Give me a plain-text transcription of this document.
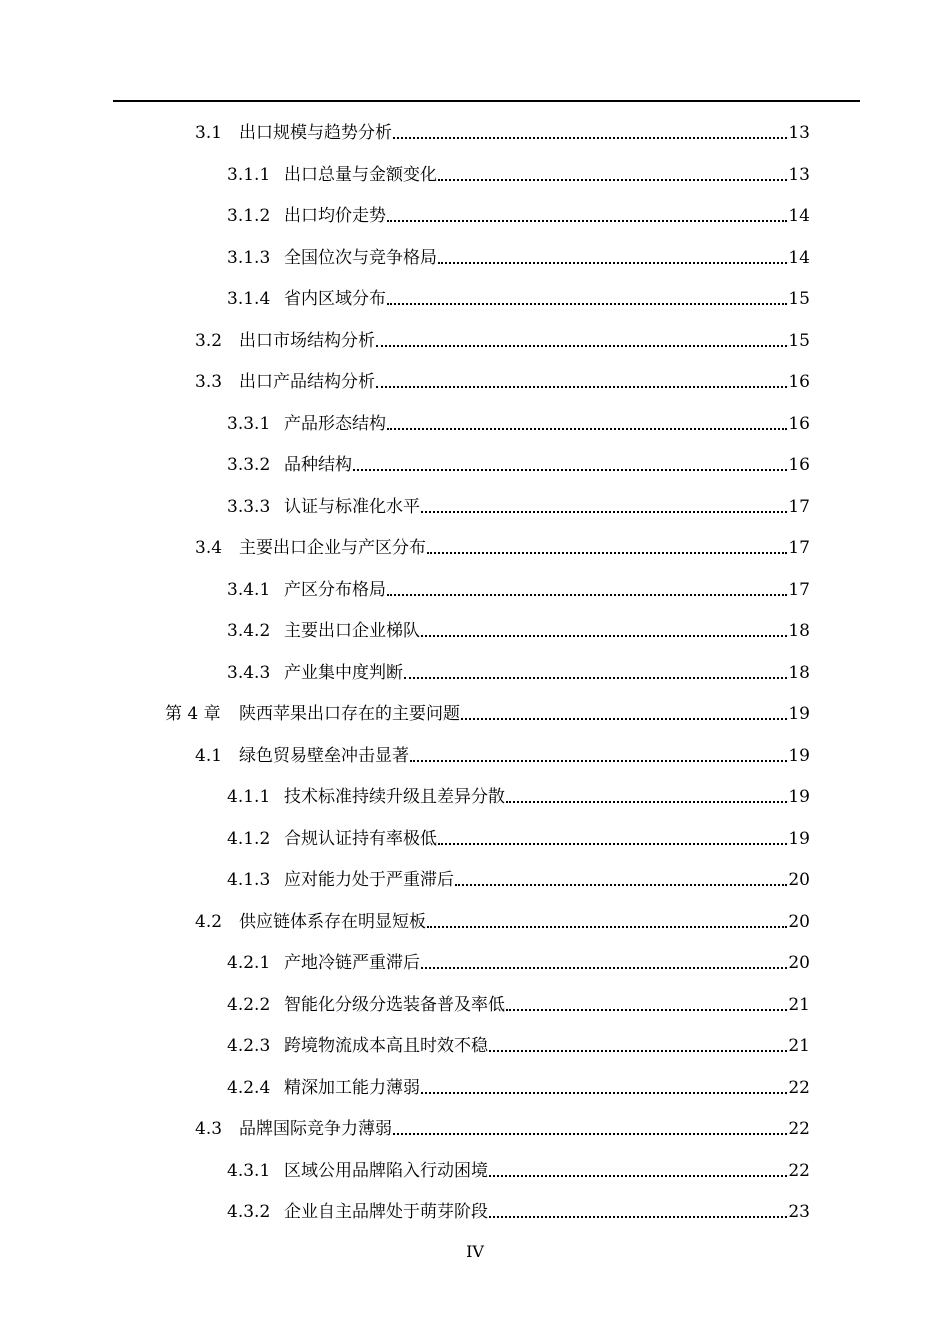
3.1 出口规模与趋势分析	13
3.1.1 出口总量与金额变化	13
3.1.2 出口均价走势	14
3.1.3 全国位次与竞争格局	14
3.1.4 省内区域分布	15
3.2 出口市场结构分析	15
3.3 出口产品结构分析	16
3.3.1 产品形态结构	16
3.3.2 品种结构	16
3.3.3 认证与标准化水平	17
3.4 主要出口企业与产区分布	17
3.4.1 产区分布格局	17
3.4.2 主要出口企业梯队	18
3.4.3 产业集中度判断	18
第 4 章	陕西苹果出口存在的主要问题	19
4.1 绿色贸易壁垒冲击显著	19
4.1.1 技术标准持续升级且差异分散	19
4.1.2 合规认证持有率极低	19
4.1.3 应对能力处于严重滞后	20
4.2 供应链体系存在明显短板	20
4.2.1 产地冷链严重滞后	20
4.2.2 智能化分级分选装备普及率低	21
4.2.3 跨境物流成本高且时效不稳	21
4.2.4 精深加工能力薄弱	22
4.3 品牌国际竞争力薄弱	22
4.3.1 区域公用品牌陷入行动困境	22
4.3.2 企业自主品牌处于萌芽阶段	23
IV
